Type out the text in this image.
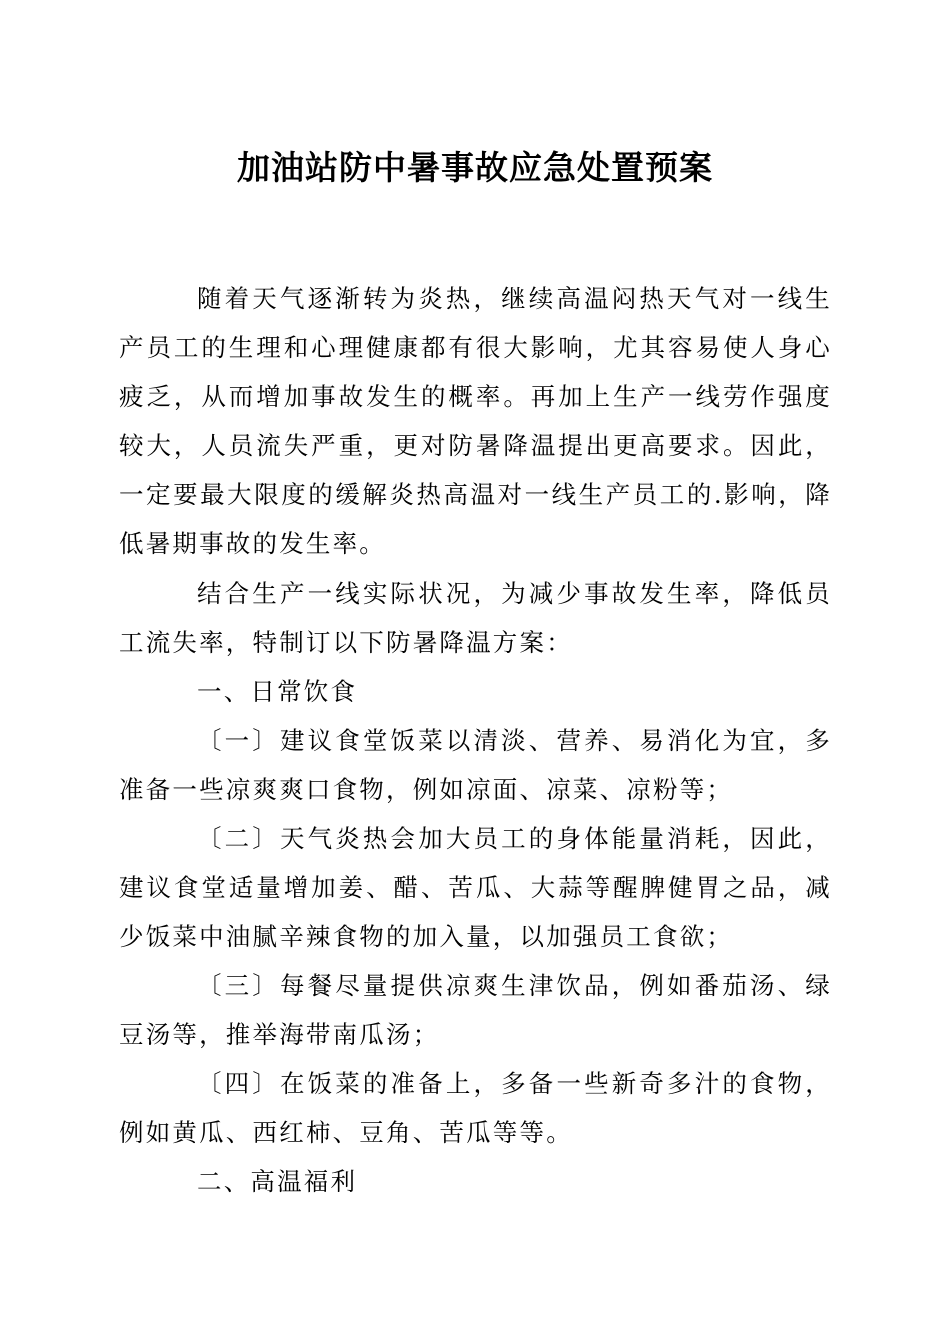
加油站防中暑事故应急处置预案

随着天气逐渐转为炎热，继续高温闷热天气对一线生产员工的生理和心理健康都有很大影响，尤其容易使人身心疲乏，从而增加事故发生的概率。再加上生产一线劳作强度较大，人员流失严重，更对防暑降温提出更高要求。因此，一定要最大限度的缓解炎热高温对一线生产员工的.影响，降低暑期事故的发生率。

结合生产一线实际状况，为减少事故发生率，降低员工流失率，特制订以下防暑降温方案：

一、日常饮食

〔一〕建议食堂饭菜以清淡、营养、易消化为宜，多准备一些凉爽爽口食物，例如凉面、凉菜、凉粉等；

〔二〕天气炎热会加大员工的身体能量消耗，因此，建议食堂适量增加姜、醋、苦瓜、大蒜等醒脾健胃之品，减少饭菜中油腻辛辣食物的加入量，以加强员工食欲；

〔三〕每餐尽量提供凉爽生津饮品，例如番茄汤、绿豆汤等，推举海带南瓜汤；

〔四〕在饭菜的准备上，多备一些新奇多汁的食物，例如黄瓜、西红柿、豆角、苦瓜等等。

二、高温福利
